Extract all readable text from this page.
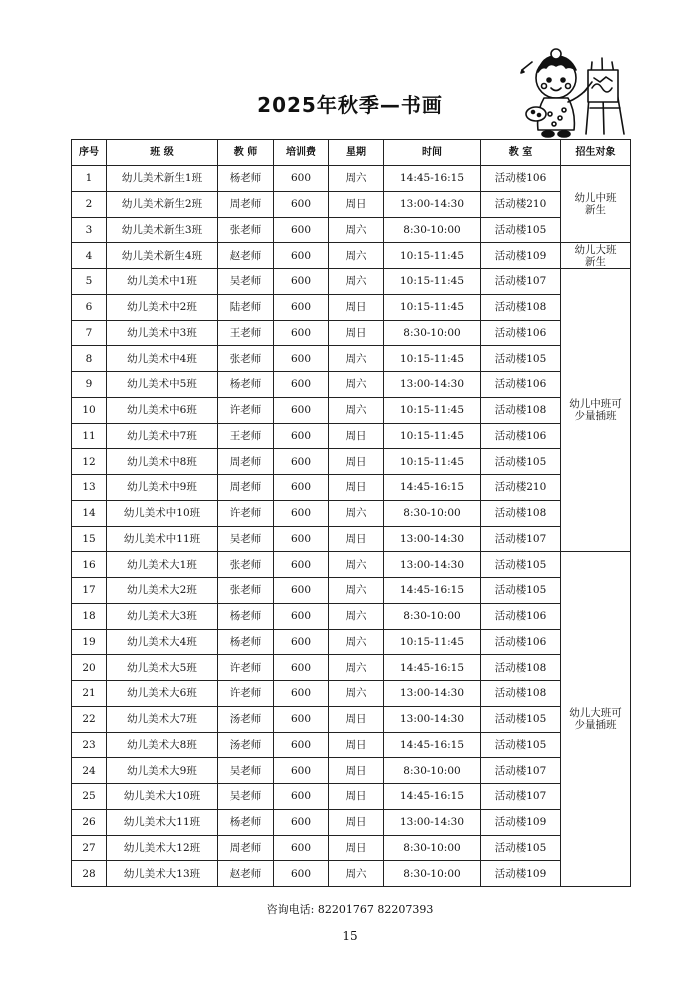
2025年秋季—书画
序号	班 级	教 师	培训费	星期	时间	教 室	招生对象
1	幼儿美术新生1班	杨老师	600	周六	14:45-16:15	活动楼106	幼儿中班
新生

2	幼儿美术新生2班	周老师	600	周日	13:00-14:30	活动楼210	
3	幼儿美术新生3班	张老师	600	周六	8:30-10:00	活动楼105	
4	幼儿美术新生4班	赵老师	600	周六	10:15-11:45	活动楼109	幼儿大班
新生

5	幼儿美术中1班	吴老师	600	周六	10:15-11:45	活动楼107	幼儿中班可
少量插班

6	幼儿美术中2班	陆老师	600	周日	10:15-11:45	活动楼108	
7	幼儿美术中3班	王老师	600	周日	8:30-10:00	活动楼106	
8	幼儿美术中4班	张老师	600	周六	10:15-11:45	活动楼105	
9	幼儿美术中5班	杨老师	600	周六	13:00-14:30	活动楼106	
10	幼儿美术中6班	许老师	600	周六	10:15-11:45	活动楼108	
11	幼儿美术中7班	王老师	600	周日	10:15-11:45	活动楼106	
12	幼儿美术中8班	周老师	600	周日	10:15-11:45	活动楼105	
13	幼儿美术中9班	周老师	600	周日	14:45-16:15	活动楼210	
14	幼儿美术中10班	许老师	600	周六	8:30-10:00	活动楼108	
15	幼儿美术中11班	吴老师	600	周日	13:00-14:30	活动楼107	
16	幼儿美术大1班	张老师	600	周六	13:00-14:30	活动楼105	幼儿大班可
少量插班

17	幼儿美术大2班	张老师	600	周六	14:45-16:15	活动楼105	
18	幼儿美术大3班	杨老师	600	周六	8:30-10:00	活动楼106	
19	幼儿美术大4班	杨老师	600	周六	10:15-11:45	活动楼106	
20	幼儿美术大5班	许老师	600	周六	14:45-16:15	活动楼108	
21	幼儿美术大6班	许老师	600	周六	13:00-14:30	活动楼108	
22	幼儿美术大7班	汤老师	600	周日	13:00-14:30	活动楼105	
23	幼儿美术大8班	汤老师	600	周日	14:45-16:15	活动楼105	
24	幼儿美术大9班	吴老师	600	周日	8:30-10:00	活动楼107	
25	幼儿美术大10班	吴老师	600	周日	14:45-16:15	活动楼107	
26	幼儿美术大11班	杨老师	600	周日	13:00-14:30	活动楼109	
27	幼儿美术大12班	周老师	600	周日	8:30-10:00	活动楼105	
28	幼儿美术大13班	赵老师	600	周六	8:30-10:00	活动楼109	
咨询电话: 82201767 82207393
15
